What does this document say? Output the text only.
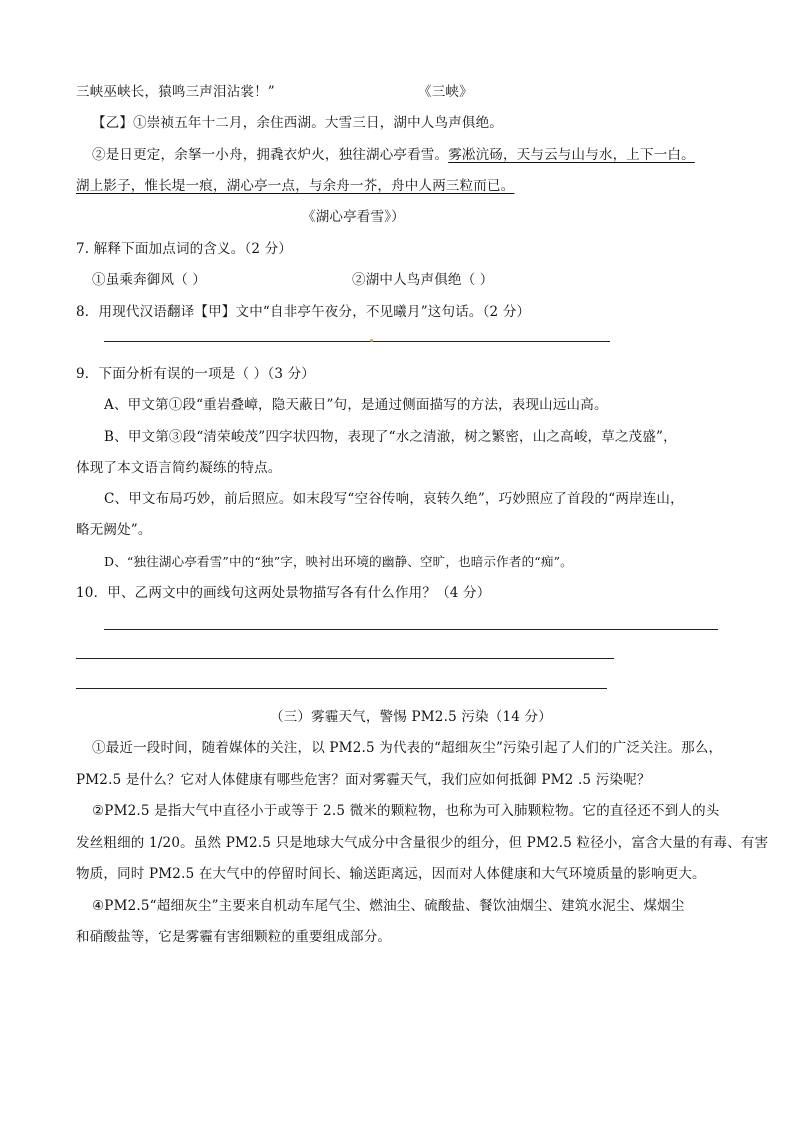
三峡巫峡长，猿鸣三声泪沾裳！”	《三峡》
【乙】①崇祯五年十二月，余住西湖。大雪三日，湖中人鸟声俱绝。
②是日更定，余拏一小舟，拥毳衣炉火，独往湖心亭看雪。雾凇沆砀，天与云与山与水，上下一白。
湖上影子，惟长堤一痕，湖心亭一点，与余舟一芥，舟中人两三粒而已。
《湖心亭看雪》）
7. 解释下面加点词的含义。（2 分）
①虽乘奔御风（ ）	②湖中人鸟声俱绝（ ）
8．用现代汉语翻译【甲】文中“自非亭午夜分，不见曦月”这句话。（2 分）
9．下面分析有误的一项是（ ）（3 分）
A、甲文第①段“重岩叠嶂，隐天蔽日”句，是通过侧面描写的方法，表现山远山高。
B、甲文第③段“清荣峻茂”四字状四物，表现了“水之清澈，树之繁密，山之高峻，草之茂盛”，
体现了本文语言简约凝练的特点。
C、甲文布局巧妙，前后照应。如末段写“空谷传响，哀转久绝”，巧妙照应了首段的“两岸连山，
略无阙处”。
D、“独往湖心亭看雪”中的“独”字，映衬出环境的幽静、空旷，也暗示作者的“痴”。
10．甲、乙两文中的画线句这两处景物描写各有什么作用？（4 分）
（三）雾霾天气，警惕 PM2.5 污染（14 分）
①最近一段时间，随着媒体的关注，以 PM2.5 为代表的“超细灰尘”污染引起了人们的广泛关注。那么，
PM2.5 是什么？它对人体健康有哪些危害？面对雾霾天气，我们应如何抵御 PM2 .5 污染呢？
②PM2.5 是指大气中直径小于或等于 2.5 微米的颗粒物，也称为可入肺颗粒物。它的直径还不到人的头
发丝粗细的 1/20。虽然 PM2.5 只是地球大气成分中含量很少的组分，但 PM2.5 粒径小，富含大量的有毒、有害
物质，同时 PM2.5 在大气中的停留时间长、输送距离远，因而对人体健康和大气环境质量的影响更大。
④PM2.5“超细灰尘”主要来自机动车尾气尘、燃油尘、硫酸盐、餐饮油烟尘、建筑水泥尘、煤烟尘
和硝酸盐等，它是雾霾有害细颗粒的重要组成部分。
